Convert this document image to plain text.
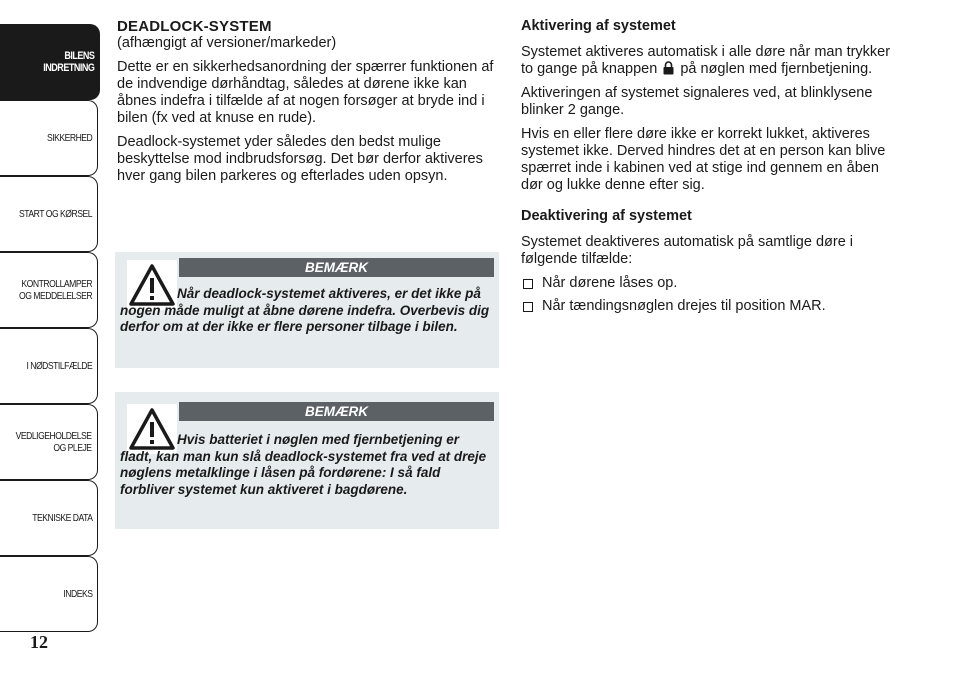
BILENS
INDRETNING
SIKKERHED
START OG KØRSEL
KONTROLLAMPER
OG MEDDELELSER
I NØDSTILFÆLDE
VEDLIGEHOLDELSE
OG PLEJE
TEKNISKE DATA
INDEKS
12
DEADLOCK-SYSTEM

(afhængigt af versioner/markeder)

Dette er en sikkerhedsanordning der spærrer funktionen af de indvendige dørhåndtag, således at dørene ikke kan åbnes indefra i tilfælde af at nogen forsøger at bryde ind i bilen (fx ved at knuse en rude).

Deadlock-systemet yder således den bedst mulige beskyttelse mod indbrudsforsøg. Det bør derfor aktiveres hver gang bilen parkeres og efterlades uden opsyn.

BEMÆRK
Når deadlock-systemet aktiveres, er det ikke på nogen måde muligt at åbne dørene indefra. Overbevis dig derfor om at der ikke er flere personer tilbage i bilen.
BEMÆRK
Hvis batteriet i nøglen med fjernbetjening er fladt, kan man kun slå deadlock-systemet fra ved at dreje nøglens metalklinge i låsen på fordørene: I så fald forbliver systemet kun aktiveret i bagdørene.
Aktivering af systemet

Systemet aktiveres automatisk i alle døre når man trykker to gange på knappen på nøglen med fjernbetjening.

Aktiveringen af systemet signaleres ved, at blinklysene blinker 2 gange.

Hvis en eller flere døre ikke er korrekt lukket, aktiveres systemet ikke. Derved hindres det at en person kan blive spærret inde i kabinen ved at stige ind gennem en åben dør og lukke denne efter sig.

Deaktivering af systemet

Systemet deaktiveres automatisk på samtlige døre i følgende tilfælde:

Når dørene låses op.
Når tændingsnøglen drejes til position MAR.
